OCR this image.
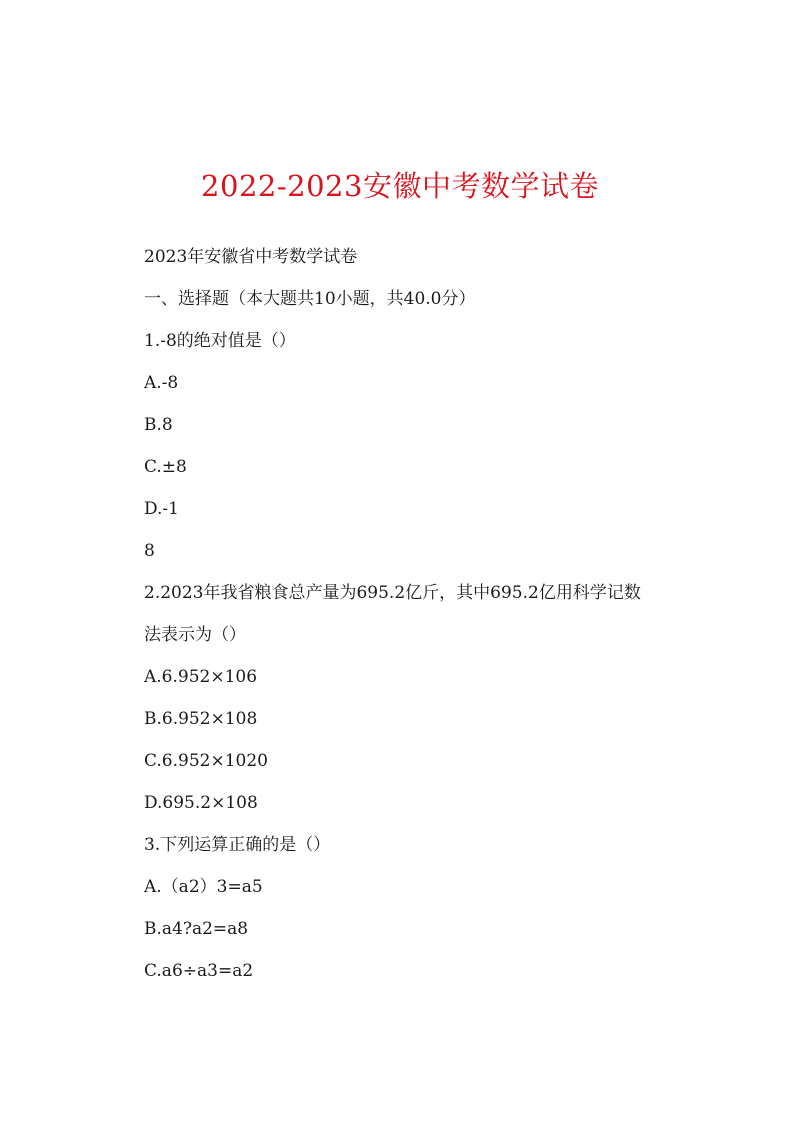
2022-2023安徽中考数学试卷
2023年安徽省中考数学试卷
一、选择题（本大题共10小题，共40.0分）
1.-8的绝对值是（）
A.-8
B.8
C.±8
D.-1
8
2.2023年我省粮食总产量为695.2亿斤，其中695.2亿用科学记数
法表示为（）
A.6.952×106
B.6.952×108
C.6.952×1020
D.695.2×108
3.下列运算正确的是（）
A.（a2）3=a5
B.a4?a2=a8
C.a6÷a3=a2
